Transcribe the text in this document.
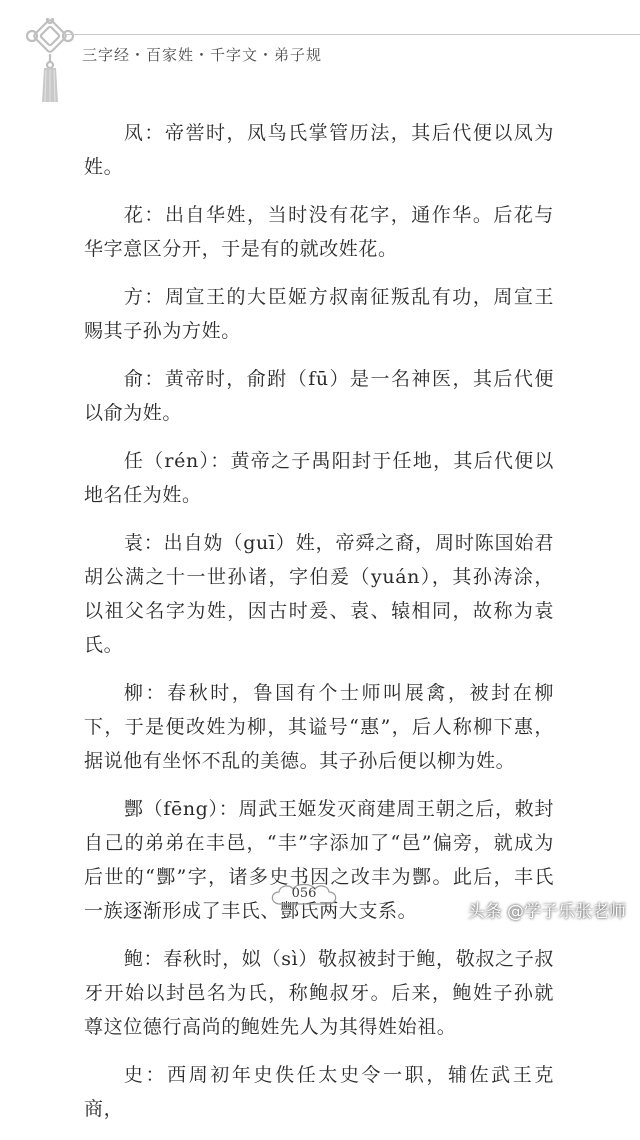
三字经・百家姓・千字文・弟子规

凤：帝喾时，凤鸟氏掌管历法，其后代便以凤为姓。

花：出自华姓，当时没有花字，通作华。后花与华字意区分开，于是有的就改姓花。

方：周宣王的大臣姬方叔南征叛乱有功，周宣王赐其子孙为方姓。

俞：黄帝时，俞跗（fū）是一名神医，其后代便以俞为姓。

任（rén）：黄帝之子禺阳封于任地，其后代便以地名任为姓。

袁：出自妫（guī）姓，帝舜之裔，周时陈国始君胡公满之十一世孙诸，字伯爰（yuán），其孙涛涂，以祖父名字为姓，因古时爰、袁、辕相同，故称为袁氏。

柳：春秋时，鲁国有个士师叫展禽，被封在柳下，于是便改姓为柳，其谥号“惠”，后人称柳下惠，据说他有坐怀不乱的美德。其子孙后便以柳为姓。

酆（fēng）：周武王姬发灭商建周王朝之后，敕封自己的弟弟在丰邑，“丰”字添加了“邑”偏旁，就成为后世的“酆”字，诸多史书因之改丰为酆。此后，丰氏一族逐渐形成了丰氏、酆氏两大支系。

鲍：春秋时，姒（sì）敬叔被封于鲍，敬叔之子叔牙开始以封邑名为氏，称鲍叔牙。后来，鲍姓子孙就尊这位德行高尚的鲍姓先人为其得姓始祖。

史：西周初年史佚任太史令一职，辅佐武王克商，

056
头条 @学子乐张老师
